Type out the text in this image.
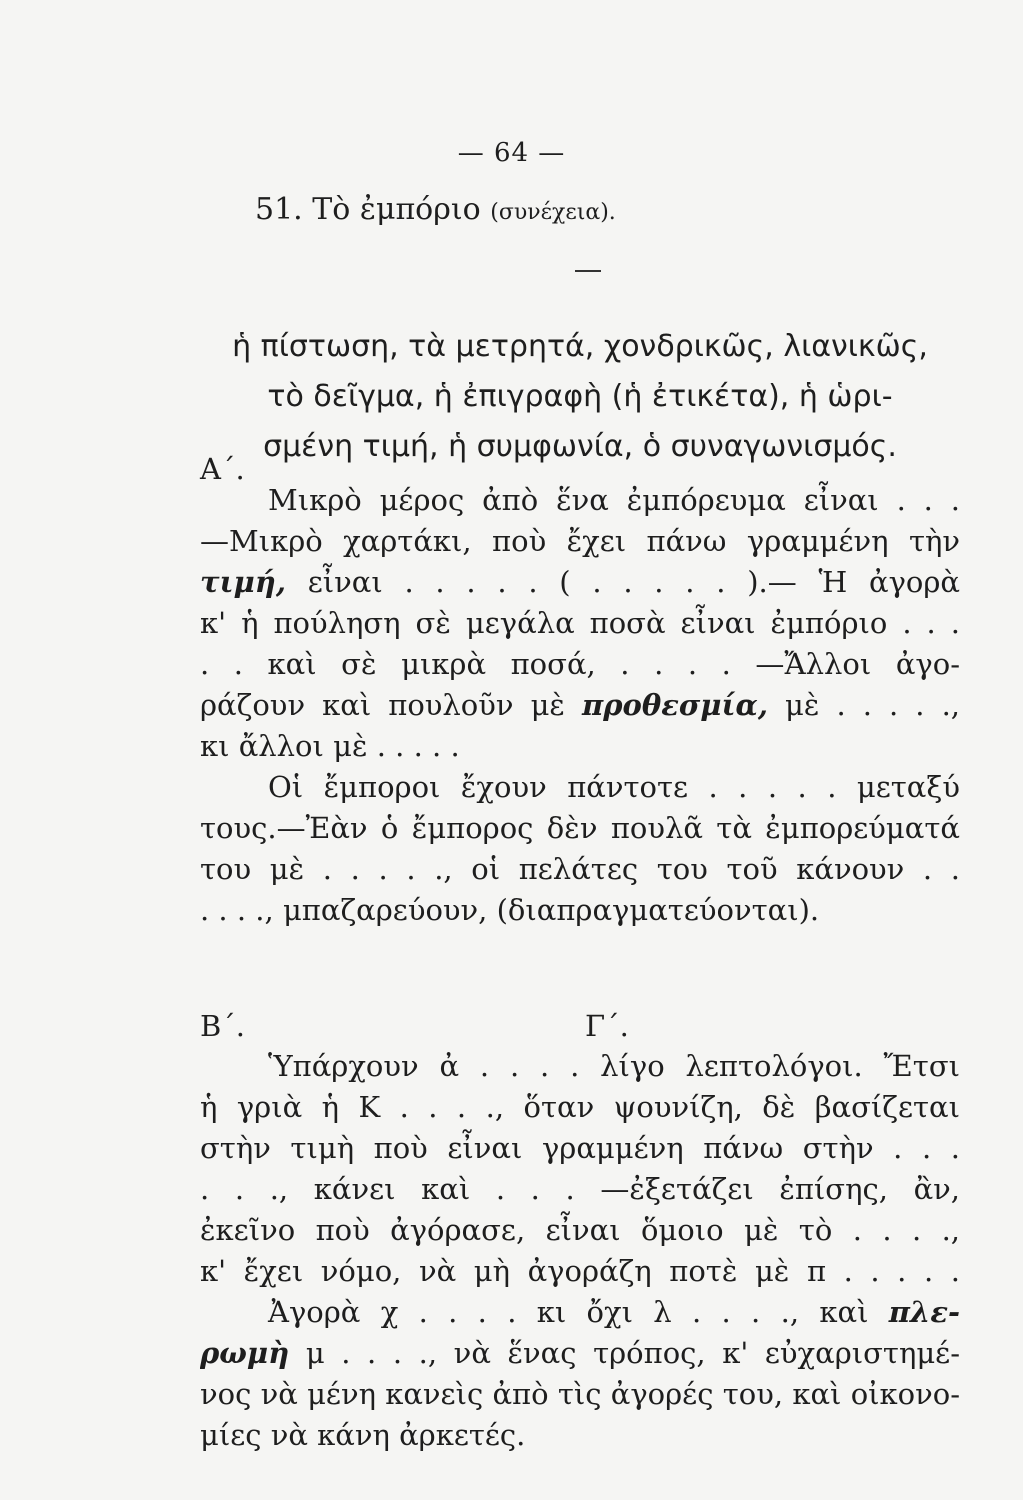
— 64 —
51. Τὸ ἐμπόριο (συνέχεια).
ἡ πίστωση, τὰ μετρητά, χονδρικῶς, λιανικῶς,
τὸ δεῖγμα, ἡ ἐπιγραφὴ (ἡ ἐτικέτα), ἡ ὡρι-
σμένη τιμή, ἡ συμφωνία, ὁ συναγωνισμός.
Α΄.
Μικρὸ μέρος ἀπὸ ἕνα ἐμπόρευμα εἶναι . . .
—Μικρὸ χαρτάκι, ποὺ ἔχει πάνω γραμμένη τὴν
τιμή, εἶναι . . . . . ( . . . . . ).— Ἡ ἀγορὰ
κ' ἡ πούληση σὲ μεγάλα ποσὰ εἶναι ἐμπόριο . . .
. . καὶ σὲ μικρὰ ποσά, . . . . —Ἄλλοι ἀγο-
ράζουν καὶ πουλοῦν μὲ προθεσμία, μὲ . . . . .,
κι ἄλλοι μὲ . . . . .
Οἱ ἔμποροι ἔχουν πάντοτε . . . . . μεταξύ
τους.—Ἐὰν ὁ ἔμπορος δὲν πουλᾶ τὰ ἐμπορεύματά
του μὲ . . . . ., οἱ πελάτες του τοῦ κάνουν . .
. . . ., μπαζαρεύουν, (διαπραγματεύονται).
Β΄.	Γ΄.
Ὑπάρχουν ἀ . . . . λίγο λεπτολόγοι. Ἔτσι
ἡ γριὰ ἡ Κ . . . ., ὅταν ψουνίζη, δὲ βασίζεται
στὴν τιμὴ ποὺ εἶναι γραμμένη πάνω στὴν . . .
. . ., κάνει καὶ . . . —ἐξετάζει ἐπίσης, ἂν,
ἐκεῖνο ποὺ ἀγόρασε, εἶναι ὅμοιο μὲ τὸ . . . .,
κ' ἔχει νόμο, νὰ μὴ ἀγοράζη ποτὲ μὲ π . . . . .
Ἀγορὰ χ . . . . κι ὄχι λ . . . ., καὶ πλε-
ρωμὴ μ . . . ., νὰ ἕνας τρόπος, κ' εὐχαριστημέ-
νος νὰ μένη κανεὶς ἀπὸ τὶς ἀγορές του, καὶ οἰκονο-
μίες νὰ κάνη ἀρκετές.
